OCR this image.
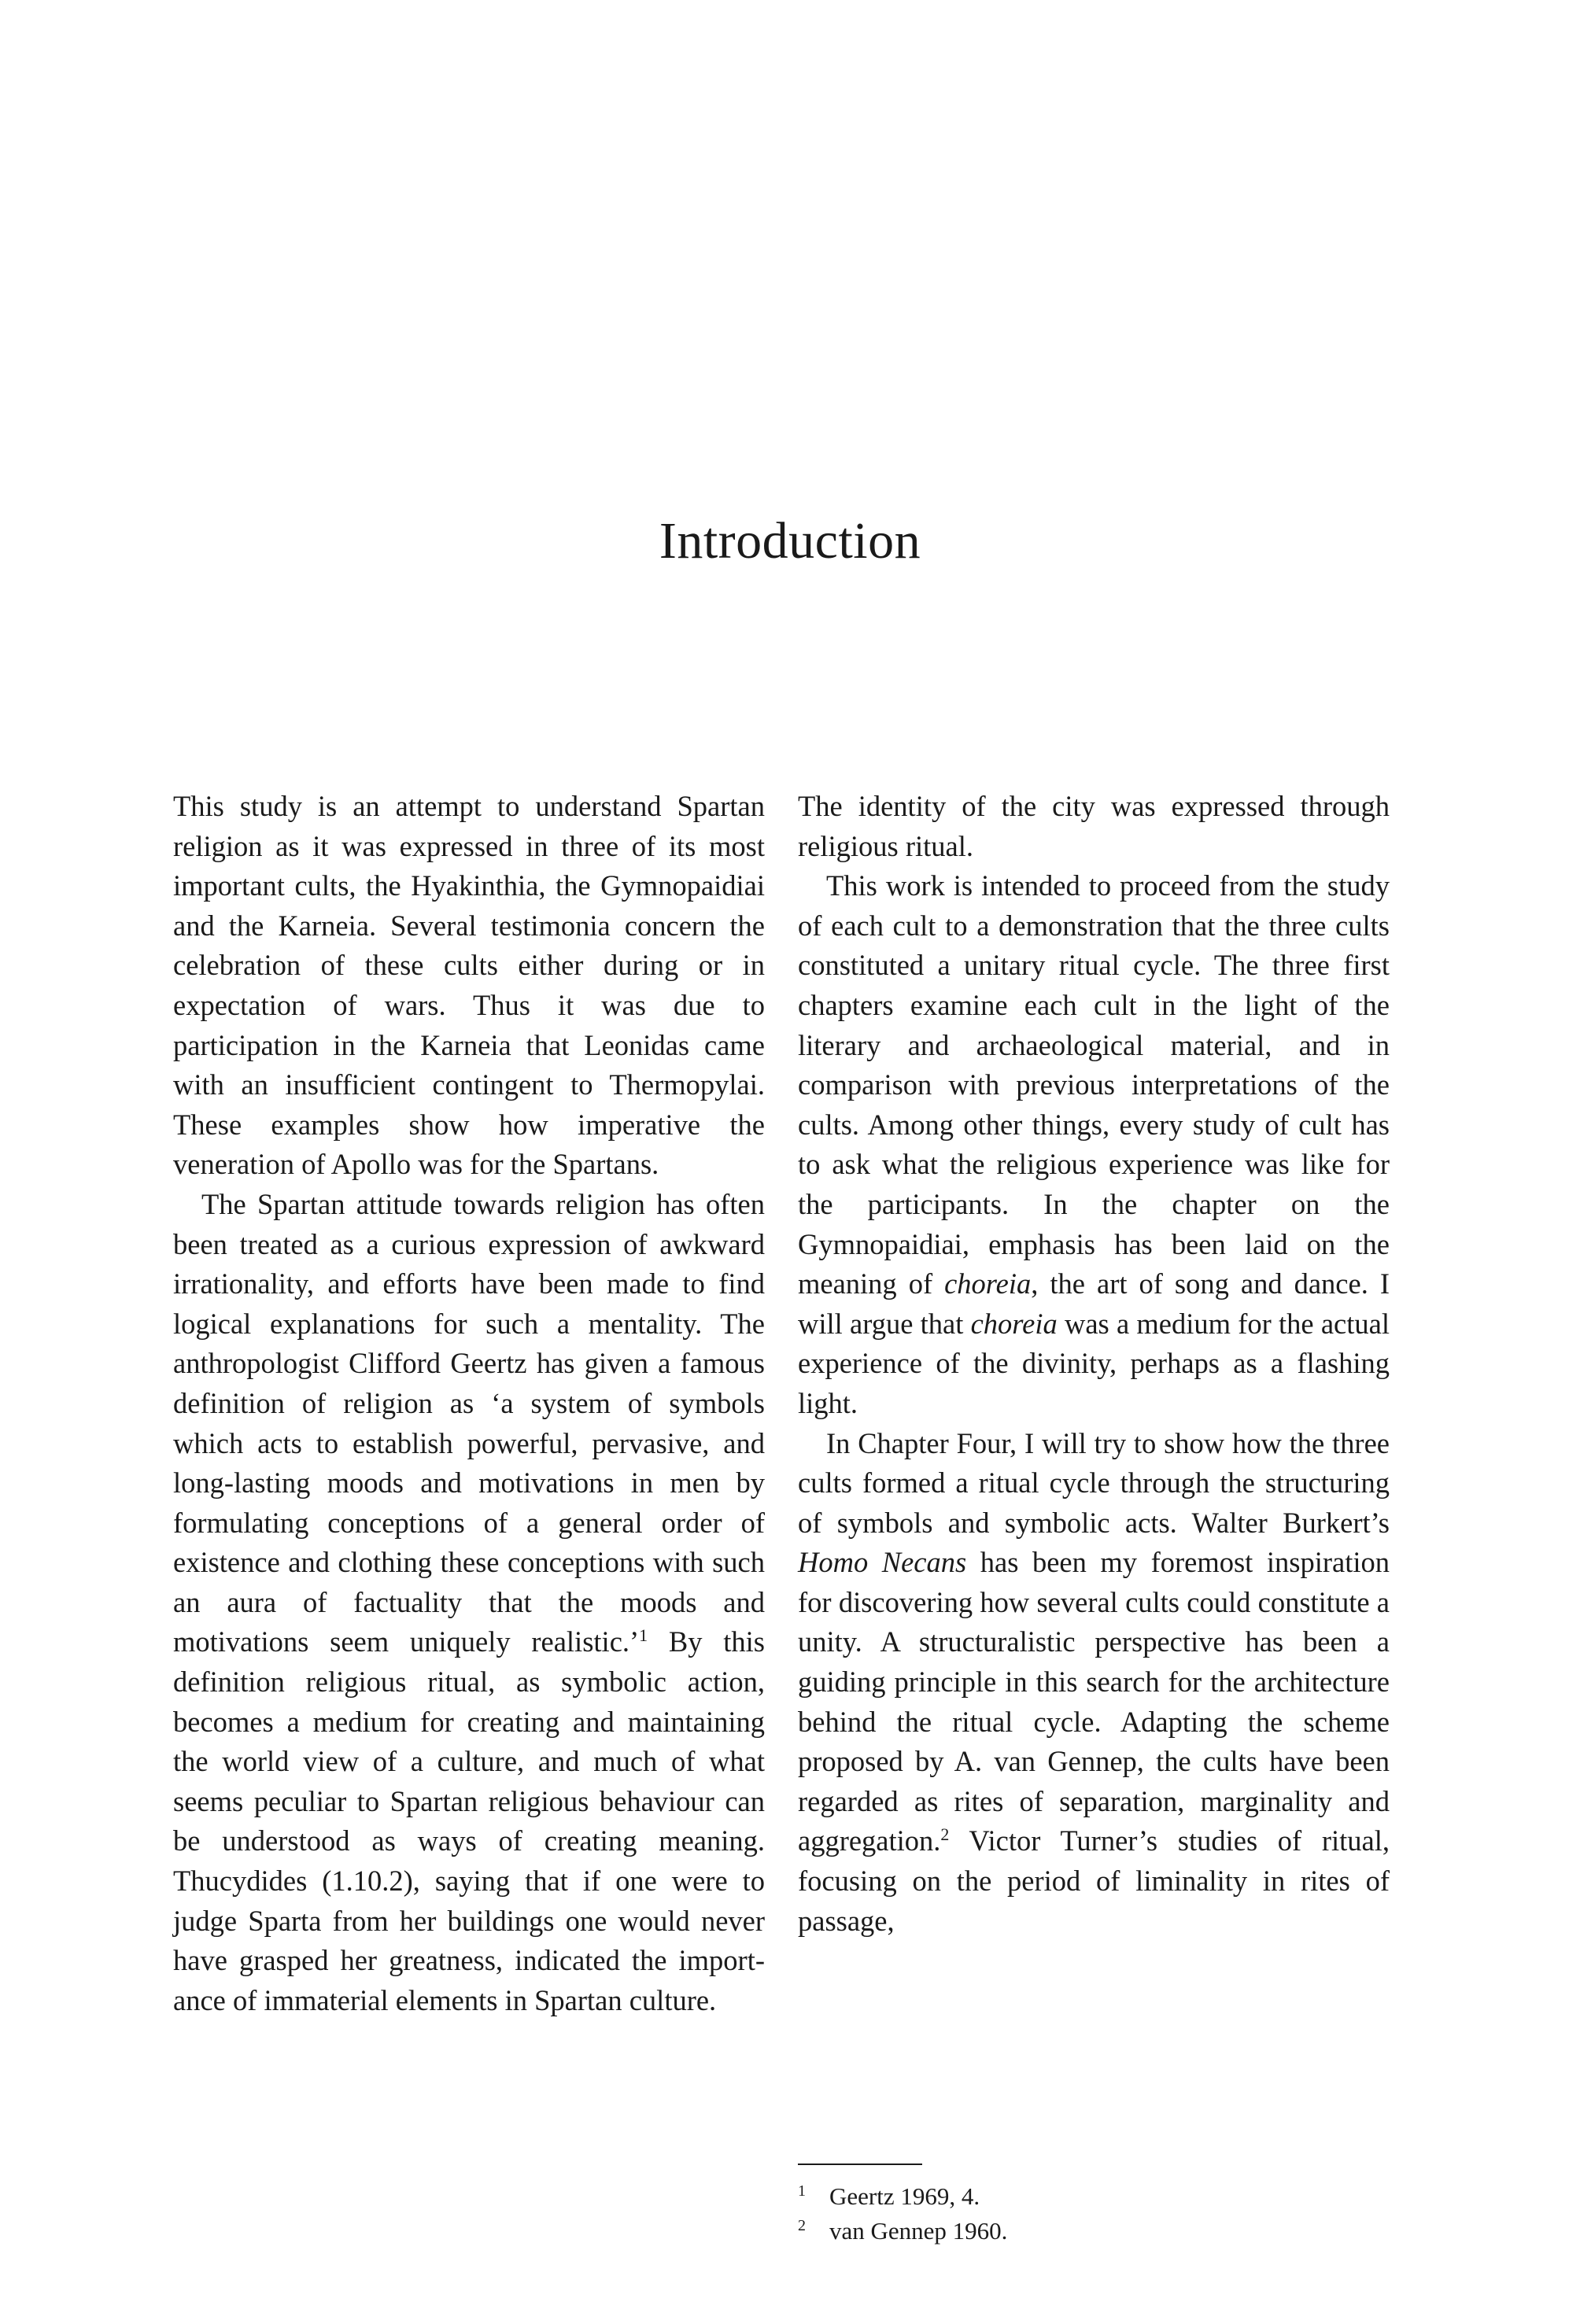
Introduction

This study is an attempt to understand Spartan religion as it was expressed in three of its most important cults, the Hyakinthia, the Gymnopaidiai and the Karneia. Several testimonia concern the celebration of these cults either during or in expectation of wars. Thus it was due to participation in the Karneia that Leonidas came with an insufficient contingent to Thermopylai. These examples show how imperative the veneration of Apollo was for the Spartans.

The Spartan attitude towards religion has often been treated as a curious expression of awkward irrationality, and efforts have been made to find logical explanations for such a mentality. The anthropologist Clifford Geertz has given a famous definition of religion as ‘a system of symbols which acts to establish powerful, pervasive, and long-lasting moods and motivations in men by formulating conceptions of a general order of existence and clothing these conceptions with such an aura of factuality that the moods and motivations seem uniquely realistic.’$^1$ By this definition religious ritual, as symbolic action, becomes a medium for creating and maintaining the world view of a culture, and much of what seems peculiar to Spartan religious behaviour can be understood as ways of creating meaning. Thucydides (1.10.2), saying that if one were to judge Sparta from her buildings one would never have grasped her greatness, indicated the importance of immaterial elements in Spartan culture.

The identity of the city was expressed through religious ritual.

This work is intended to proceed from the study of each cult to a demonstration that the three cults constituted a unitary ritual cycle. The three first chapters examine each cult in the light of the literary and archaeological material, and in comparison with previous interpretations of the cults. Among other things, every study of cult has to ask what the religious experience was like for the participants. In the chapter on the Gymnopaidiai, emphasis has been laid on the meaning of choreia, the art of song and dance. I will argue that choreia was a medium for the actual experience of the divinity, perhaps as a flashing light.

In Chapter Four, I will try to show how the three cults formed a ritual cycle through the structuring of symbols and symbolic acts. Walter Burkert’s Homo Necans has been my foremost inspiration for discovering how several cults could constitute a unity. A structuralistic perspective has been a guiding principle in this search for the architecture behind the ritual cycle. Adapting the scheme proposed by A. van Gennep, the cults have been regarded as rites of separation, marginality and aggregation.$^2$ Victor Turner’s studies of ritual, focusing on the period of liminality in rites of passage,

1 Geertz 1969, 4.
2 van Gennep 1960.
